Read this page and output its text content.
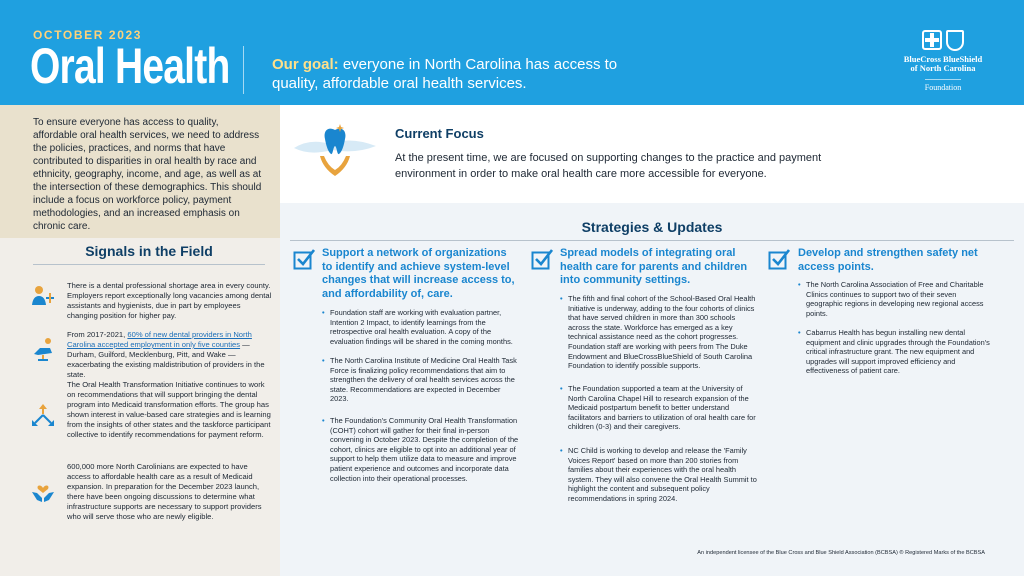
OCTOBER 2023
Oral Health	Our goal: everyone in North Carolina has access to quality, affordable oral health services.
BlueCross BlueShield
of North Carolina
Foundation
To ensure everyone has access to quality, affordable oral health services, we need to address the policies, practices, and norms that have contributed to disparities in oral health by race and ethnicity, geography, income, and age, as well as at the intersection of these demographics. This should include a focus on workforce policy, payment methodologies, and an increased emphasis on chronic care.
Signals in the Field
There is a dental professional shortage area in every county. Employers report exceptionally long vacancies among dental assistants and hygienists, due in part by employees changing position for higher pay.
From 2017-2021, 60% of new dental providers in North Carolina accepted employment in only five counties — Durham, Guilford, Mecklenburg, Pitt, and Wake — exacerbating the existing maldistribution of providers in the state.
The Oral Health Transformation Initiative continues to work on recommendations that will support bringing the dental program into Medicaid transformation efforts. The group has shown interest in value-based care strategies and is learning from the insights of other states and the taskforce participant collective to identify recommendations for payment reform.
600,000 more North Carolinians are expected to have access to affordable health care as a result of Medicaid expansion. In preparation for the December 2023 launch, there have been ongoing discussions to determine what infrastructure supports are necessary to support providers who will serve those who are newly eligible.
Current Focus
At the present time, we are focused on supporting changes to the practice and payment environment in order to make oral health care more accessible for everyone.
Strategies & Updates
Support a network of organizations to identify and achieve system-level changes that will increase access to, and affordability of, care.
• Foundation staff are working with evaluation partner, Intention 2 Impact, to identify learnings from the retrospective oral health evaluation. A copy of the evaluation findings will be shared in the coming months.
• The North Carolina Institute of Medicine Oral Health Task Force is finalizing policy recommendations that aim to strengthen the delivery of oral health services across the state. Recommendations are expected in December 2023.
• The Foundation's Community Oral Health Transformation (COHT) cohort will gather for their final in-person convening in October 2023. Despite the completion of the cohort, clinics are eligible to opt into an additional year of support to help them utilize data to measure and improve patient experience and outcomes and incorporate data collection into their operational processes.
Spread models of integrating oral health care for parents and children into community settings.
• The fifth and final cohort of the School-Based Oral Health Initiative is underway, adding to the four cohorts of clinics that have served children in more than 300 schools across the state. Workforce has emerged as a key technical assistance need as the cohort progresses. Foundation staff are working with peers from The Duke Endowment and BlueCrossBlueShield of South Carolina Foundation to identify possible supports.
• The Foundation supported a team at the University of North Carolina Chapel Hill to research expansion of the Medicaid postpartum benefit to better understand facilitators and barriers to utilization of oral health care for children (0-3) and their caregivers.
• NC Child is working to develop and release the 'Family Voices Report' based on more than 200 stories from families about their experiences with the oral health system. They will also convene the Oral Health Summit to highlight the content and subsequent policy recommendations in spring 2024.
Develop and strengthen safety net access points.
• The North Carolina Association of Free and Charitable Clinics continues to support two of their seven geographic regions in developing new regional access points.
• Cabarrus Health has begun installing new dental equipment and clinic upgrades through the Foundation's critical infrastructure grant. The new equipment and upgrades will support improved efficiency and effectiveness of patient care.
An independent licensee of the Blue Cross and Blue Shield Association (BCBSA) ® Registered Marks of the BCBSA
